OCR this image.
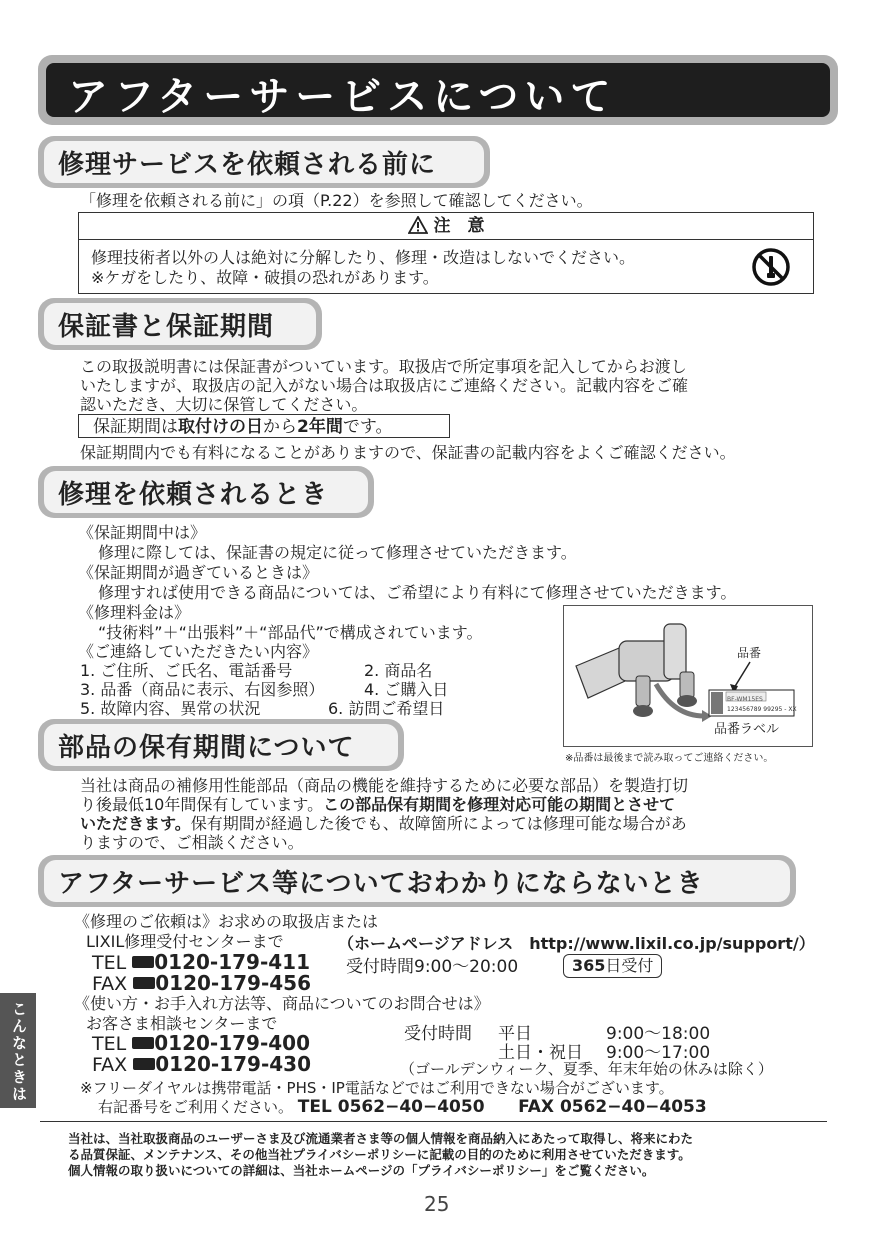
アフターサービスについて
修理サービスを依頼される前に
「修理を依頼される前に」の項（P.22）を参照して確認してください。
注　意
修理技術者以外の人は絶対に分解したり、修理・改造はしないでください。
※ケガをしたり、故障・破損の恐れがあります。
保証書と保証期間
この取扱説明書には保証書がついています。取扱店で所定事項を記入してからお渡し
いたしますが、取扱店の記入がない場合は取扱店にご連絡ください。記載内容をご確
認いただき、大切に保管してください。
保証期間は取付けの日から2年間です。
保証期間内でも有料になることがありますので、保証書の記載内容をよくご確認ください。
修理を依頼されるとき
《保証期間中は》
修理に際しては、保証書の規定に従って修理させていただきます。
《保証期間が過ぎているときは》
修理すれば使用できる商品については、ご希望により有料にて修理させていただきます。
《修理料金は》
“技術料”＋“出張料”＋“部品代”で構成されています。
《ご連絡していただきたい内容》
1. ご住所、ご氏名、電話番号	2. 商品名
3. 品番（商品に表示、右図参照） 4. ご購入日
5. 故障内容、異常の状況	6. 訪問ご希望日
品番
BF-WM15ES
123456789 99295 - XX
品番ラベル
※品番は最後まで読み取ってご連絡ください。
部品の保有期間について
当社は商品の補修用性能部品（商品の機能を維持するために必要な部品）を製造打切
り後最低10年間保有しています。この部品保有期間を修理対応可能の期間とさせて
いただきます。保有期間が経過した後でも、故障箇所によっては修理可能な場合があ
りますので、ご相談ください。
アフターサービス等についておわかりにならないとき
《修理のご依頼は》お求めの取扱店または
LIXIL修理受付センターまで	（ホームページアドレス　http://www.lixil.co.jp/support/）
TEL 0120-179-411
FAX 0120-179-456
受付時間9:00〜20:00	365日受付
《使い方・お手入れ方法等、商品についてのお問合せは》
お客さま相談センターまで
TEL 0120-179-400
FAX 0120-179-430
受付時間 平日	9:00〜18:00
土日・祝日 9:00〜17:00
（ゴールデンウィーク、夏季、年末年始の休みは除く）
※フリーダイヤルは携帯電話・PHS・IP電話などではご利用できない場合がございます。
右記番号をご利用ください。 TEL 0562−40−4050 FAX 0562−40−4053
こんなときは
当社は、当社取扱商品のユーザーさま及び流通業者さま等の個人情報を商品納入にあたって取得し、将来にわた
る品質保証、メンテナンス、その他当社プライバシーポリシーに記載の目的のために利用させていただきます。
個人情報の取り扱いについての詳細は、当社ホームページの「プライバシーポリシー」をご覧ください。
25
